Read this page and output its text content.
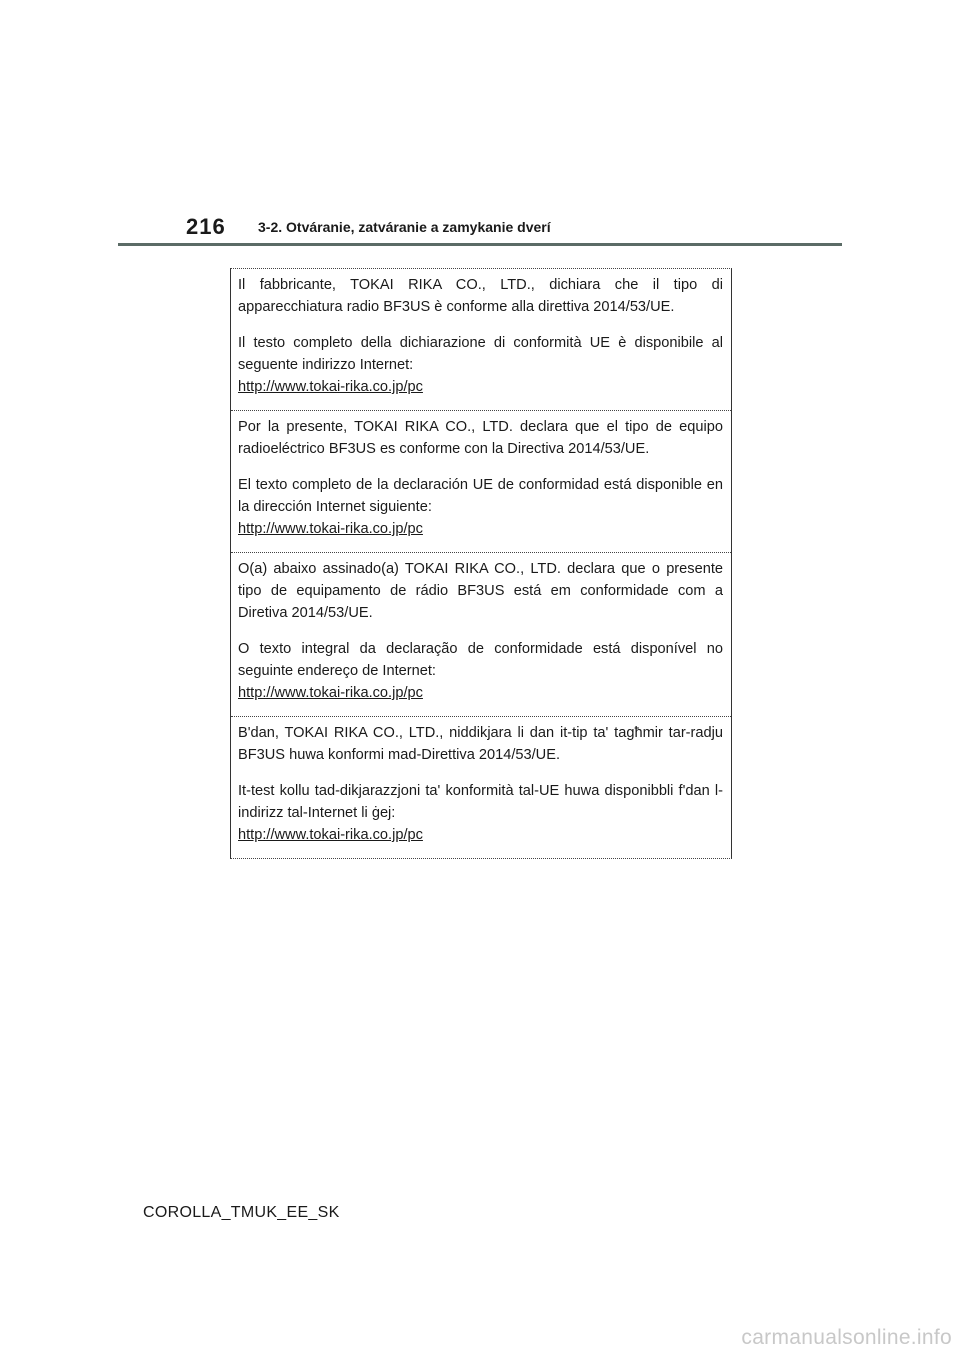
216 3-2. Otváranie, zatváranie a zamykanie dverí

Il fabbricante, TOKAI RIKA CO., LTD., dichiara che il tipo di apparecchiatura radio BF3US è conforme alla direttiva 2014/53/UE.

Il testo completo della dichiarazione di conformità UE è disponibile al seguente indirizzo Internet:

http://www.tokai-rika.co.jp/pc

Por la presente, TOKAI RIKA CO., LTD. declara que el tipo de equipo radioeléctrico BF3US es conforme con la Directiva 2014/53/UE.

El texto completo de la declaración UE de conformidad está disponible en la dirección Internet siguiente:

http://www.tokai-rika.co.jp/pc

O(a) abaixo assinado(a) TOKAI RIKA CO., LTD. declara que o presente tipo de equipamento de rádio BF3US está em conformidade com a Diretiva 2014/53/UE.

O texto integral da declaração de conformidade está disponível no seguinte endereço de Internet:

http://www.tokai-rika.co.jp/pc

B'dan, TOKAI RIKA CO., LTD., niddikjara li dan it-tip ta' tagħmir tar-radju BF3US huwa konformi mad-Direttiva 2014/53/UE.

It-test kollu tad-dikjarazzjoni ta' konformità tal-UE huwa disponibbli f'dan l-indirizz tal-Internet li ġej:

http://www.tokai-rika.co.jp/pc
COROLLA_TMUK_EE_SK
carmanualsonline.info
